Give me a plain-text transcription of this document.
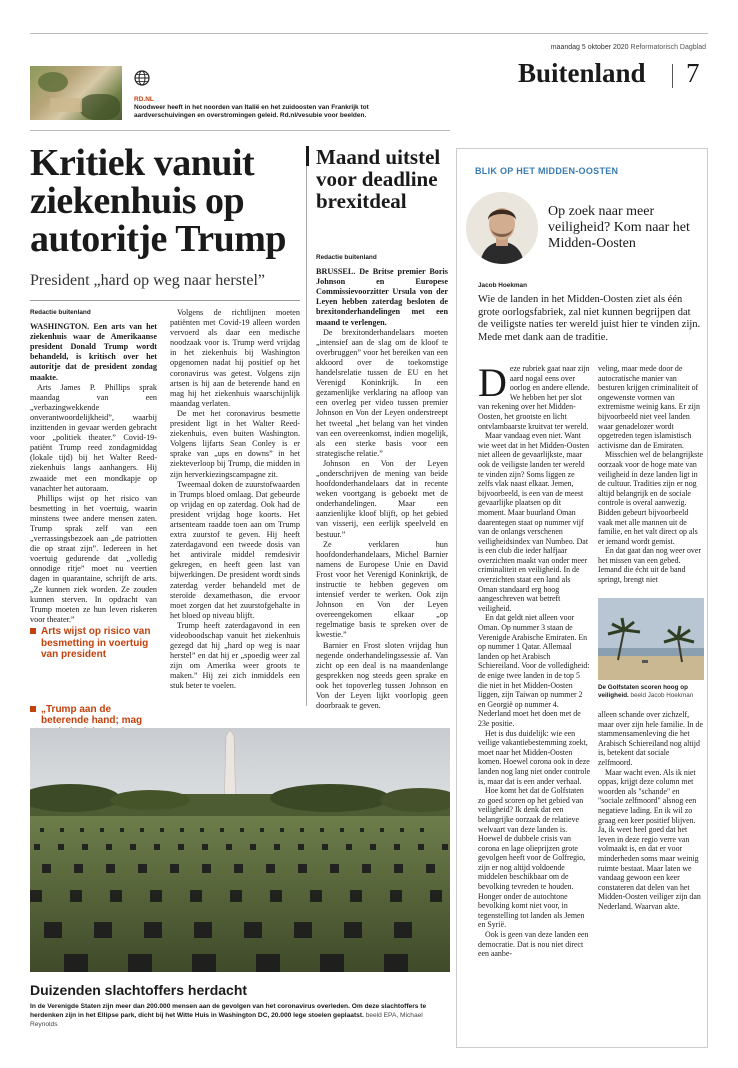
maandag 5 oktober 2020 Reformatorisch Dagblad
Buitenland 7
RD.NL
Noodweer heeft in het noorden van Italië en het zuidoosten van Frankrijk tot aardverschuivingen en overstromingen geleid. Rd.nl/vesubie voor beelden.
Kritiek vanuit ziekenhuis op autoritje Trump
President „hard op weg naar herstel”
Redactie buitenland

WASHINGTON. Een arts van het ziekenhuis waar de Amerikaanse president Donald Trump wordt behandeld, is kritisch over het autoritje dat de president zondag maakte.

Arts James P. Phillips sprak maandag van een „verbazingwekkende onverantwoordelijkheid”, waarbij inzittenden in gevaar werden gebracht voor „politiek theater.” Covid-19-patiënt Trump reed zondagmiddag (lokale tijd) bij het Walter Reed-ziekenhuis langs aanhangers. Hij zwaaide met een mondkapje op vanachter het autoraam.

Phillips wijst op het risico van besmetting in het voertuig, waarin minstens twee andere mensen zaten. Trump sprak zelf van een „verrassingsbezoek aan „de patriotten die op straat zijn”. Iedereen in het voertuig gedurende dat „volledig onnodige ritje” moet nu veertien dagen in quarantaine, schrijft de arts. „Ze kunnen ziek worden. Ze zouden kunnen sterven. In opdracht van Trump moeten ze hun leven riskeren voor theater.”

Arts wijst op risico van besmetting in voertuig van president
„Trump aan de beterende hand; mag

Volgens de richtlijnen moeten patiënten met Covid-19 alleen worden vervoerd als daar een medische noodzaak voor is. Trump werd vrijdag in het ziekenhuis bij Washington opgenomen nadat hij positief op het coronavirus was getest. Volgens zijn artsen is hij aan de beterende hand en mag hij het ziekenhuis waarschijnlijk maandag verlaten.

De met het coronavirus besmette president ligt in het Walter Reed-ziekenhuis, even buiten Washington. Volgens lijfarts Sean Conley is er sprake van „ups en downs” in het ziekteverloop bij Trump, die midden in zijn herverkiezingscampagne zit.

Tweemaal doken de zuurstofwaarden in Trumps bloed omlaag. Dat gebeurde op vrijdag en op zaterdag. Ook had de president vrijdag hoge koorts. Het artsenteam raadde toen aan om Trump extra zuurstof te geven. Hij heeft zaterdagavond een tweede dosis van het antivirale middel remdesivir gekregen, en heeft geen last van bijwerkingen. De president wordt sinds zaterdag verder behandeld met de steroïde dexamethason, die ervoor moet zorgen dat het zuurstofgehalte in het bloed op niveau blijft.

Trump heeft zaterdagavond in een videoboodschap vanuit het ziekenhuis gezegd dat hij „hard op weg is naar herstel” en dat hij er „spoedig weer zal zijn om Amerika weer groots te maken.” Hij zei zich inmiddels een stuk beter te voelen.

Maand uitstel voor deadline brexitdeal
Redactie buitenland

BRUSSEL. De Britse premier Boris Johnson en Europese Commissievoorzitter Ursula von der Leyen hebben zaterdag besloten de brexitonderhandelingen met een maand te verlengen.

De brexitonderhandelaars moeten „intensief aan de slag om de kloof te overbruggen” voor het bereiken van een akkoord over de toekomstige handelsrelatie tussen de EU en het Verenigd Koninkrijk. In een gezamenlijke verklaring na afloop van een overleg per video tussen premier Johnson en Von der Leyen onderstreept het tweetal „het belang van het vinden van een overeenkomst, indien mogelijk, als een sterke basis voor een strategische relatie.”

Johnson en Von der Leyen „onderschrijven de mening van beide hoofdonderhandelaars dat in recente weken voortgang is geboekt met de onderhandelingen. Maar een aanzienlijke kloof blijft, op het gebied van visserij, een eerlijk speelveld en bestuur.”

Ze verklaren hun hoofdonderhandelaars, Michel Barnier namens de Europese Unie en David Frost voor het Verenigd Koninkrijk, de instructie te hebben gegeven om intensief verder te werken. Ook zijn Johnson en Von der Leyen overeengekomen elkaar „op regelmatige basis te spreken over de kwestie.”

Barnier en Frost sloten vrijdag hun negende onderhandelingssessie af. Van zicht op een deal is na maandenlange gesprekken nog steeds geen sprake en ook het topoverleg tussen Johnson en Von der Leyen lijkt voorlopig geen doorbraak te geven.

Duizenden slachtoffers herdacht
In de Verenigde Staten zijn meer dan 200.000 mensen aan de gevolgen van het coronavirus overleden. Om deze slachtoffers te herdenken zijn in het Ellipse park, dicht bij het Witte Huis in Washington DC, 20.000 lege stoelen geplaatst. beeld EPA, Michael Reynolds
BLIK OP HET MIDDEN-OOSTEN
Op zoek naar meer veiligheid? Kom naar het Midden-Oosten
Jacob Hoekman
Wie de landen in het Midden-Oosten ziet als één grote oorlogsfabriek, zal niet kunnen begrijpen dat de veiligste naties ter wereld juist hier te vinden zijn. Mede met dank aan de traditie.

Deze rubriek gaat naar zijn aard nogal eens over oorlog en andere ellende. We hebben het per slot van rekening over het Midden-Oosten, het grootste en licht ontvlambaarste kruitvat ter wereld.

Maar vandaag even niet. Want wie weet dat in het Midden-Oosten niet alleen de gevaarlijkste, maar ook de veiligste landen ter wereld te vinden zijn? Soms liggen ze zelfs vlak naast elkaar. Jemen, bijvoorbeeld, is een van de meest gevaarlijke plaatsen op dit moment. Maar buurland Oman daarentegen staat op nummer vijf van de onlangs verschenen veiligheidsindex van Numbeo. Dat is een club die ieder halfjaar overzichten maakt van onder meer criminaliteit en veiligheid. In de overzichten staat een land als Oman standaard erg hoog aangeschreven wat betreft veiligheid.

En dat geldt niet alleen voor Oman. Op nummer 3 staan de Verenigde Arabische Emiraten. En op nummer 1 Qatar. Allemaal landen op het Arabisch Schiereiland. Voor de volledigheid: de enige twee landen in de top 5 die niet in het Midden-Oosten liggen, zijn Taiwan op nummer 2 en Georgië op nummer 4. Nederland moet het doen met de 23e positie.

Het is dus duidelijk: wie een veilige vakantiebestemming zoekt, moet naar het Midden-Oosten komen. Hoewel corona ook in deze landen nog lang niet onder controle is, maar dat is een ander verhaal.

Hoe komt het dat de Golfstaten zo goed scoren op het gebied van veiligheid? Ik denk dat een belangrijke oorzaak de relatieve welvaart van deze landen is. Hoewel de dubbele crisis van corona en lage olieprijzen grote gevolgen heeft voor de Golfregio, zijn er nog altijd voldoende middelen beschikbaar om de bevolking tevreden te houden. Honger onder de autochtone bevolking komt niet voor, in tegenstelling tot landen als Jemen en Syrië.

Ook is geen van deze landen een democratie. Dat is nou niet direct een aanbe-

veling, maar mede door de autocratische manier van besturen krijgen criminaliteit of ongewenste vormen van extremisme weinig kans. Er zijn bijvoorbeeld niet veel landen waar genadelozer wordt opgetreden tegen islamistisch activisme dan de Emiraten.

Misschien wel de belangrijkste oorzaak voor de hoge mate van veiligheid in deze landen ligt in de cultuur. Tradities zijn er nog altijd belangrijk en de sociale controle is overal aanwezig. Bidden gebeurt bijvoorbeeld vaak met alle mannen uit de familie, en het valt direct op als er iemand wordt gemist.

En dat gaat dan nog weer over het missen van een gebed. Iemand die écht uit de band springt, brengt niet

De Golfstaten scoren hoog op veiligheid. beeld Jacob Hoekman

alleen schande over zichzelf, maar over zijn hele familie. In de stammensamenleving die het Arabisch Schiereiland nog altijd is, betekent dat sociale zelfmoord.

Maar wacht even. Als ik niet oppas, krijgt deze column met woorden als "schande" en "sociale zelfmoord" alsnog een negatieve lading. En ik wil zo graag een keer positief blijven. Ja, ik weet heel goed dat het leven in deze regio verre van volmaakt is, en dat er voor minderheden soms maar weinig ruimte bestaat. Maar laten we vandaag gewoon een keer constateren dat delen van het Midden-Oosten veiliger zijn dan Nederland. Waarvan akte.
